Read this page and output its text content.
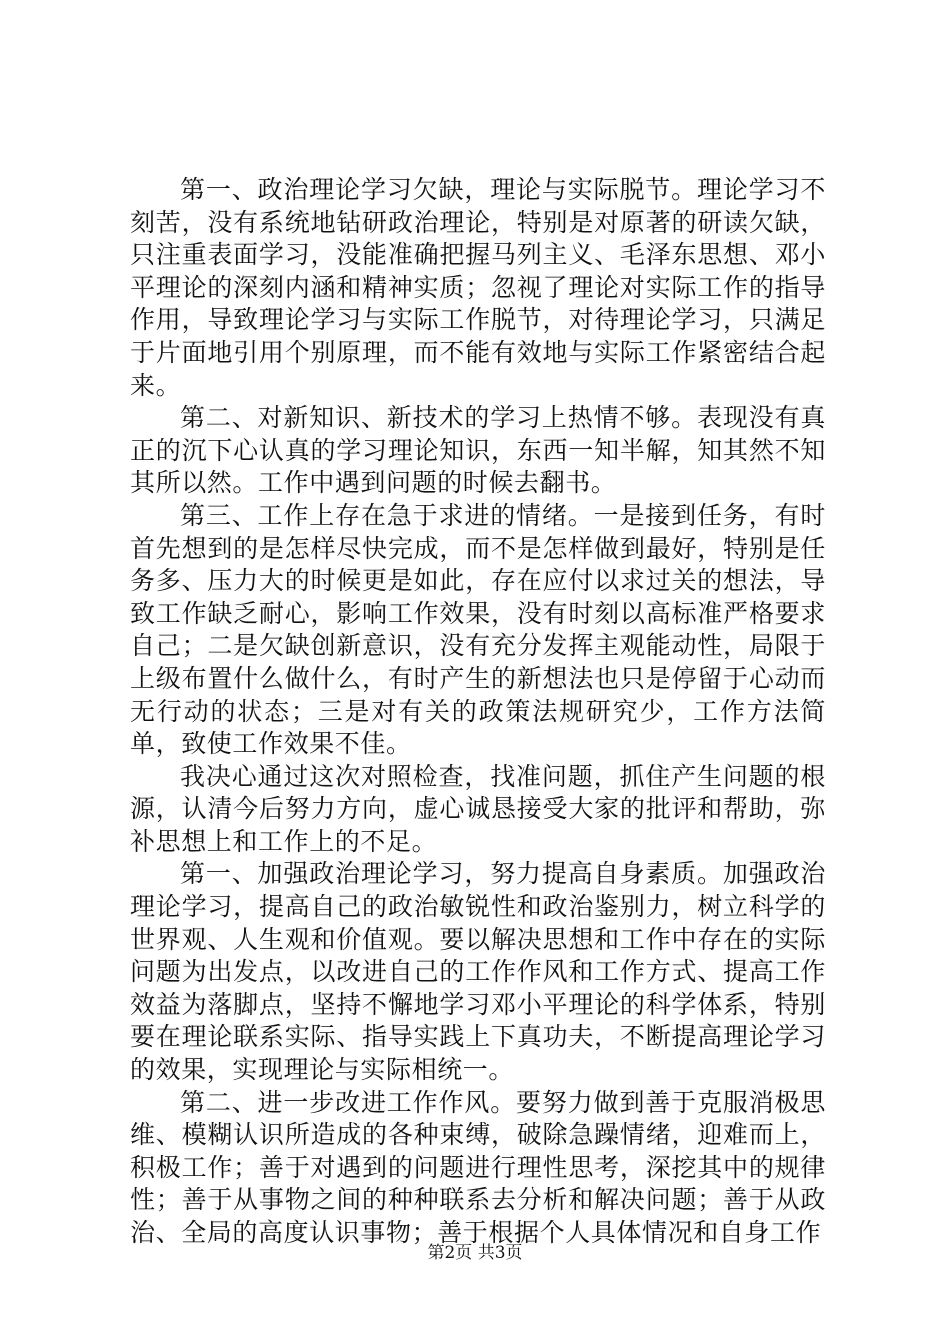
第一、政治理论学习欠缺，理论与实际脱节。理论学习不刻苦，没有系统地钻研政治理论，特别是对原著的研读欠缺，只注重表面学习，没能准确把握马列主义、毛泽东思想、邓小平理论的深刻内涵和精神实质；忽视了理论对实际工作的指导作用，导致理论学习与实际工作脱节，对待理论学习，只满足于片面地引用个别原理，而不能有效地与实际工作紧密结合起来。

第二、对新知识、新技术的学习上热情不够。表现没有真正的沉下心认真的学习理论知识，东西一知半解，知其然不知其所以然。工作中遇到问题的时候去翻书。

第三、工作上存在急于求进的情绪。一是接到任务，有时首先想到的是怎样尽快完成，而不是怎样做到最好，特别是任务多、压力大的时候更是如此，存在应付以求过关的想法，导致工作缺乏耐心，影响工作效果，没有时刻以高标准严格要求自己；二是欠缺创新意识，没有充分发挥主观能动性，局限于上级布置什么做什么，有时产生的新想法也只是停留于心动而无行动的状态；三是对有关的政策法规研究少，工作方法简单，致使工作效果不佳。

我决心通过这次对照检查，找准问题，抓住产生问题的根源，认清今后努力方向，虚心诚恳接受大家的批评和帮助，弥补思想上和工作上的不足。

第一、加强政治理论学习，努力提高自身素质。加强政治理论学习，提高自己的政治敏锐性和政治鉴别力，树立科学的世界观、人生观和价值观。要以解决思想和工作中存在的实际问题为出发点，以改进自己的工作作风和工作方式、提高工作效益为落脚点，坚持不懈地学习邓小平理论的科学体系，特别要在理论联系实际、指导实践上下真功夫，不断提高理论学习的效果，实现理论与实际相统一。

第二、进一步改进工作作风。要努力做到善于克服消极思维、模糊认识所造成的各种束缚，破除急躁情绪，迎难而上，积极工作；善于对遇到的问题进行理性思考，深挖其中的规律性；善于从事物之间的种种联系去分析和解决问题；善于从政治、全局的高度认识事物；善于根据个人具体情况和自身工作

第2页 共3页
